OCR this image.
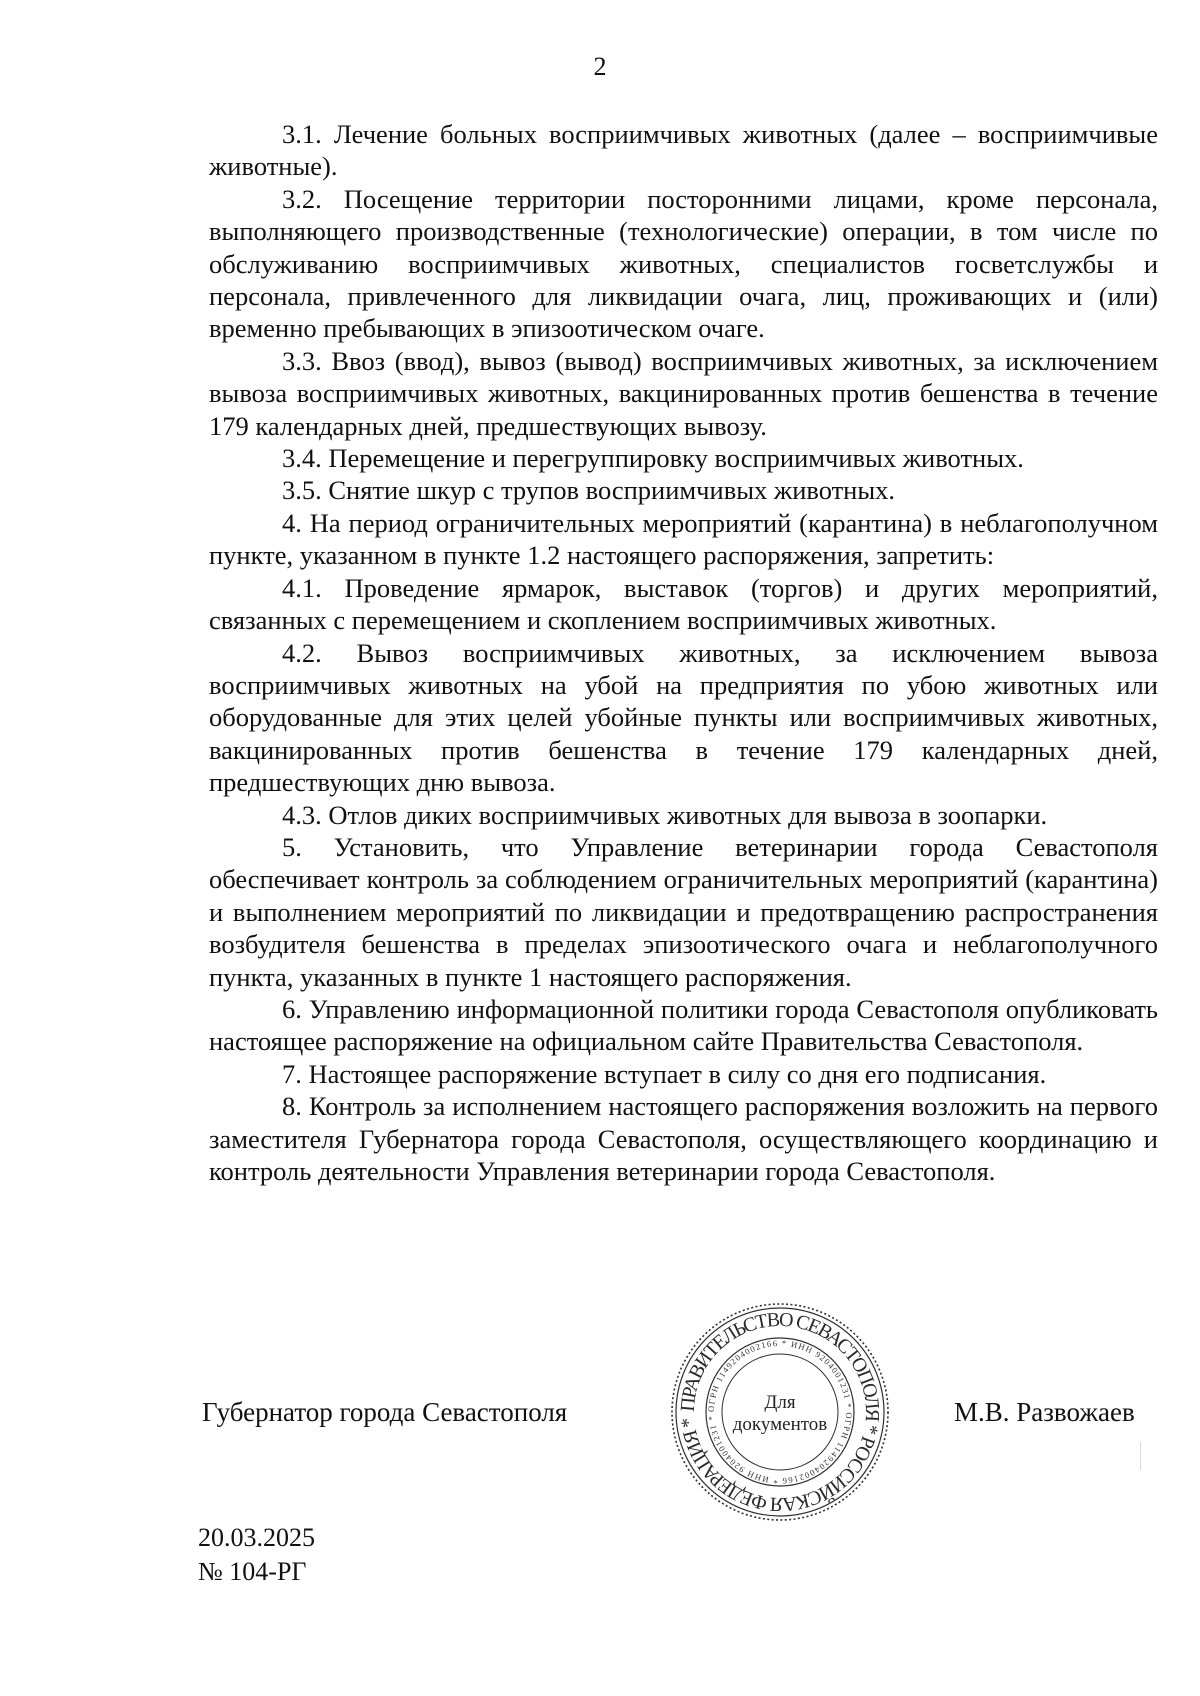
2

3.1. Лечение больных восприимчивых животных (далее – восприимчивые животные).

3.2. Посещение территории посторонними лицами, кроме персонала, выполняющего производственные (технологические) операции, в том числе по обслуживанию восприимчивых животных, специалистов госветслужбы и персонала, привлеченного для ликвидации очага, лиц, проживающих и (или) временно пребывающих в эпизоотическом очаге.

3.3. Ввоз (ввод), вывоз (вывод) восприимчивых животных, за исключением вывоза восприимчивых животных, вакцинированных против бешенства в течение 179 календарных дней, предшествующих вывозу.

3.4. Перемещение и перегруппировку восприимчивых животных.

3.5. Снятие шкур с трупов восприимчивых животных.

4. На период ограничительных мероприятий (карантина) в неблагополучном пункте, указанном в пункте 1.2 настоящего распоряжения, запретить:

4.1. Проведение ярмарок, выставок (торгов) и других мероприятий, связанных с перемещением и скоплением восприимчивых животных.

4.2. Вывоз восприимчивых животных, за исключением вывоза восприимчивых животных на убой на предприятия по убою животных или оборудованные для этих целей убойные пункты или восприимчивых животных, вакцинированных против бешенства в течение 179 календарных дней, предшествующих дню вывоза.

4.3. Отлов диких восприимчивых животных для вывоза в зоопарки.

5. Установить, что Управление ветеринарии города Севастополя обеспечивает контроль за соблюдением ограничительных мероприятий (карантина) и выполнением мероприятий по ликвидации и предотвращению распространения возбудителя бешенства в пределах эпизоотического очага и неблагополучного пункта, указанных в пункте 1 настоящего распоряжения.

6. Управлению информационной политики города Севастополя опубликовать настоящее распоряжение на официальном сайте Правительства Севастополя.

7. Настоящее распоряжение вступает в силу со дня его подписания.

8. Контроль за исполнением настоящего распоряжения возложить на первого заместителя Губернатора города Севастополя, осуществляющего координацию и контроль деятельности Управления ветеринарии города Севастополя.

Губернатор города Севастополя	М.В. Развожаев
ПРАВИТЕЛЬСТВО СЕВАСТОПОЛЯ * РОССИЙСКАЯ ФЕДЕРАЦИЯ *
ОГРН 1149204002166 * ИНН 9204001231 * ОГРН 1149204002166 * ИНН 9204001231 *
Для
документов
20.03.2025
№ 104-РГ
